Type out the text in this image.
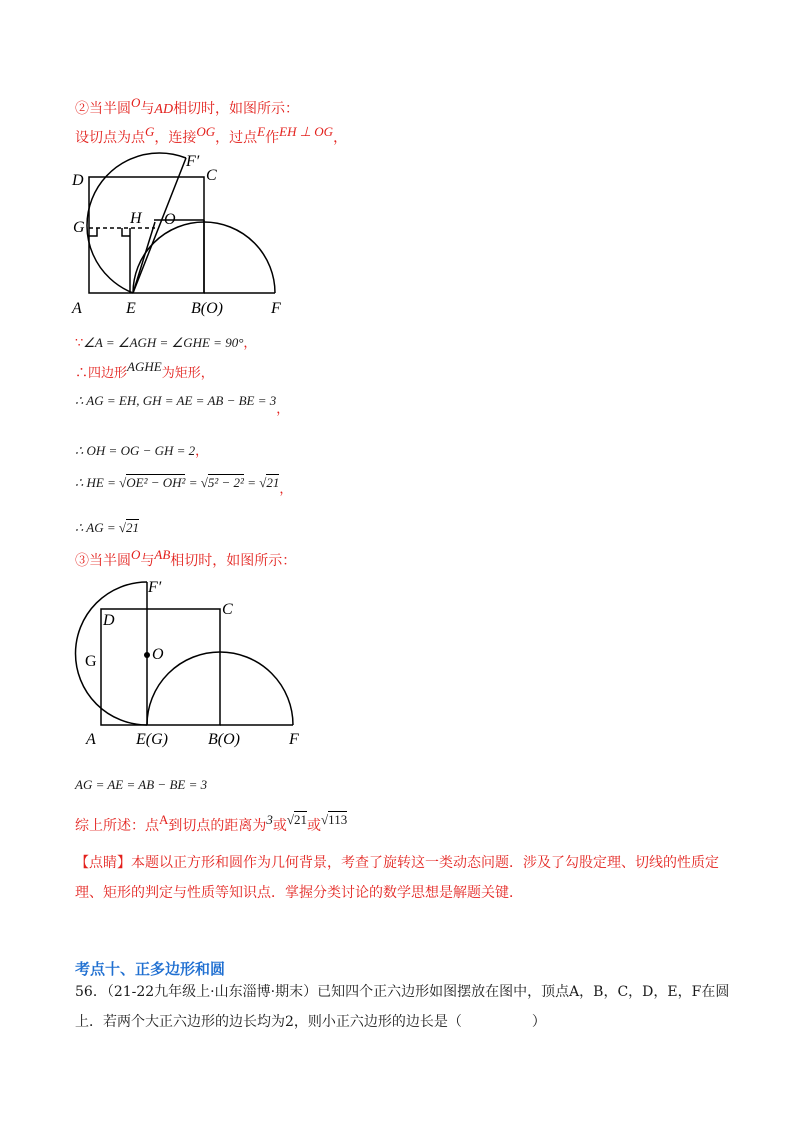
②当半圆O与AD相切时，如图所示：
设切点为点G，连接OG，过点E作EH ⊥ OG，
D	C
F′
G
H O
A	E	B(O)	F
∵∠A = ∠AGH = ∠GHE = 90°，
∴四边形AGHE为矩形，
∴ AG = EH, GH = AE = AB − BE = 3，
∴ OH = OG − GH = 2，
∴ HE = √OE² − OH² = √5² − 2² = √21，
∴ AG = √21
③当半圆O与AB相切时，如图所示：
F′
C
D
O
G
A	E(G)	B(O)	F
AG = AE = AB − BE = 3
综上所述：点A到切点的距离为3或√21或√113
【点睛】本题以正方形和圆作为几何背景，考查了旋转这一类动态问题．涉及了勾股定理、切线的性质定理、矩形的判定与性质等知识点．掌握分类讨论的数学思想是解题关键．
考点十、正多边形和圆
56．（21-22九年级上·山东淄博·期末）已知四个正六边形如图摆放在图中，顶点A，B，C，D，E，F在圆上．若两个大正六边形的边长均为2，则小正六边形的边长是（　　　　　）
